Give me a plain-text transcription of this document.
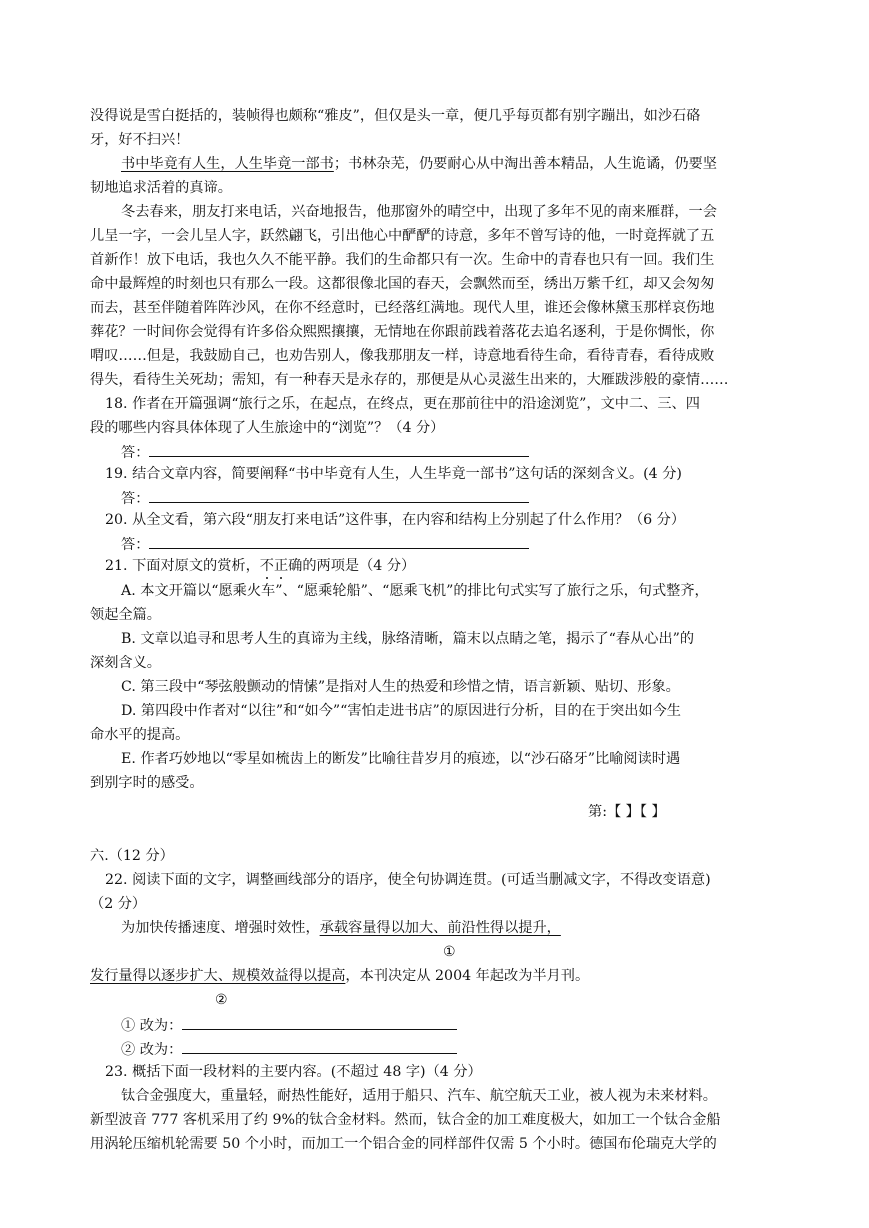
没得说是雪白挺括的，装帧得也颇称“雅皮”，但仅是头一章，便几乎每页都有别字蹦出，如沙石硌
牙，好不扫兴！
书中毕竟有人生，人生毕竟一部书；书林杂芜，仍要耐心从中淘出善本精品，人生诡谲，仍要坚
韧地追求活着的真谛。
冬去春来，朋友打来电话，兴奋地报告，他那窗外的晴空中，出现了多年不见的南来雁群，一会
儿呈一字，一会儿呈人字，跃然翩飞，引出他心中酽酽的诗意，多年不曾写诗的他，一时竟挥就了五
首新作！放下电话，我也久久不能平静。我们的生命都只有一次。生命中的青春也只有一回。我们生
命中最辉煌的时刻也只有那么一段。这都很像北国的春天，会飘然而至，绣出万紫千红，却又会匆匆
而去，甚至伴随着阵阵沙风，在你不经意时，已经落红满地。现代人里，谁还会像林黛玉那样哀伤地
葬花？一时间你会觉得有许多俗众熙熙攘攘，无情地在你跟前践着落花去追名逐利，于是你惆怅，你
喟叹……但是，我鼓励自己，也劝告别人，像我那朋友一样，诗意地看待生命，看待青春，看待成败
得失，看待生关死劫；需知，有一种春天是永存的，那便是从心灵滋生出来的，大雁跋涉般的豪情……
18. 作者在开篇强调“旅行之乐，在起点，在终点，更在那前往中的沿途浏览”，文中二、三、四
段的哪些内容具体体现了人生旅途中的“浏览”？（4 分）
答：
19. 结合文章内容，简要阐释“书中毕竟有人生，人生毕竟一部书”这句话的深刻含义。(4 分)
答：
20. 从全文看，第六段“朋友打来电话”这件事，在内容和结构上分别起了什么作用？（6 分）
答：
21. 下面对原文的赏析，不正确的两项是（4 分）
A. 本文开篇以“愿乘火车”、“愿乘轮船”、“愿乘飞机”的排比句式实写了旅行之乐，句式整齐，
领起全篇。
B. 文章以追寻和思考人生的真谛为主线，脉络清晰，篇末以点睛之笔，揭示了“春从心出”的
深刻含义。
C. 第三段中“琴弦般颤动的情愫”是指对人生的热爱和珍惜之情，语言新颖、贴切、形象。
D. 第四段中作者对“以往”和“如今”“害怕走进书店”的原因进行分析，目的在于突出如今生
命水平的提高。
E. 作者巧妙地以“零星如梳齿上的断发”比喻往昔岁月的痕迹，以“沙石硌牙”比喻阅读时遇
到别字时的感受。
第:【 】【 】
六.（12 分）
22. 阅读下面的文字，调整画线部分的语序，使全句协调连贯。(可适当删减文字，不得改变语意)
（2 分）
为加快传播速度、增强时效性，承载容量得以加大、前沿性得以提升，
①
发行量得以逐步扩大、规模效益得以提高，本刊决定从 2004 年起改为半月刊。
②
① 改为：
② 改为：
23. 概括下面一段材料的主要内容。(不超过 48 字)（4 分）
钛合金强度大，重量轻，耐热性能好，适用于船只、汽车、航空航天工业，被人视为未来材料。
新型波音 777 客机采用了约 9%的钛合金材料。然而，钛合金的加工难度极大，如加工一个钛合金船
用涡轮压缩机轮需要 50 个小时，而加工一个铝合金的同样部件仅需 5 个小时。德国布伦瑞克大学的
